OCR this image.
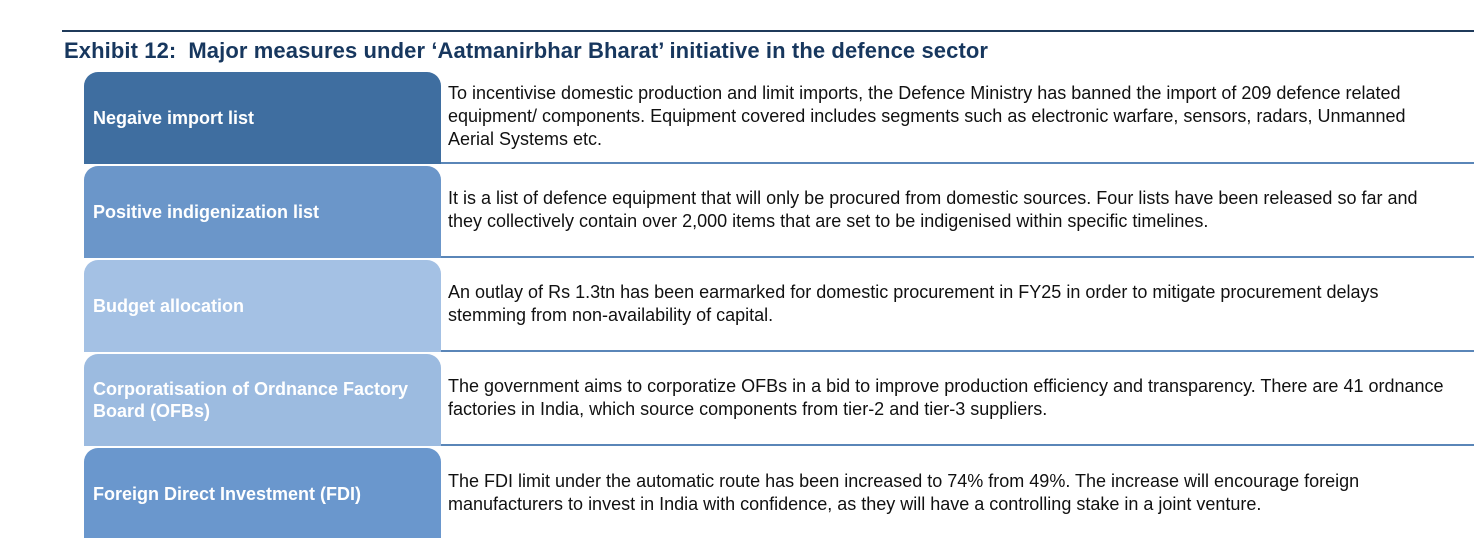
Exhibit 12: Major measures under ‘Aatmanirbhar Bharat’ initiative in the defence sector
Negaive import list
To incentivise domestic production and limit imports, the Defence Ministry has banned the import of 209 defence related equipment/ components. Equipment covered includes segments such as electronic warfare, sensors, radars, Unmanned Aerial Systems etc.
Positive indigenization list
It is a list of defence equipment that will only be procured from domestic sources. Four lists have been released so far and they collectively contain over 2,000 items that are set to be indigenised within specific timelines.
Budget allocation
An outlay of Rs 1.3tn has been earmarked for domestic procurement in FY25 in order to mitigate procurement delays stemming from non-availability of capital.
Corporatisation of Ordnance Factory Board (OFBs)
The government aims to corporatize OFBs in a bid to improve production efficiency and transparency. There are 41 ordnance factories in India, which source components from tier-2 and tier-3 suppliers.
Foreign Direct Investment (FDI)
The FDI limit under the automatic route has been increased to 74% from 49%. The increase will encourage foreign manufacturers to invest in India with confidence, as they will have a controlling stake in a joint venture.
